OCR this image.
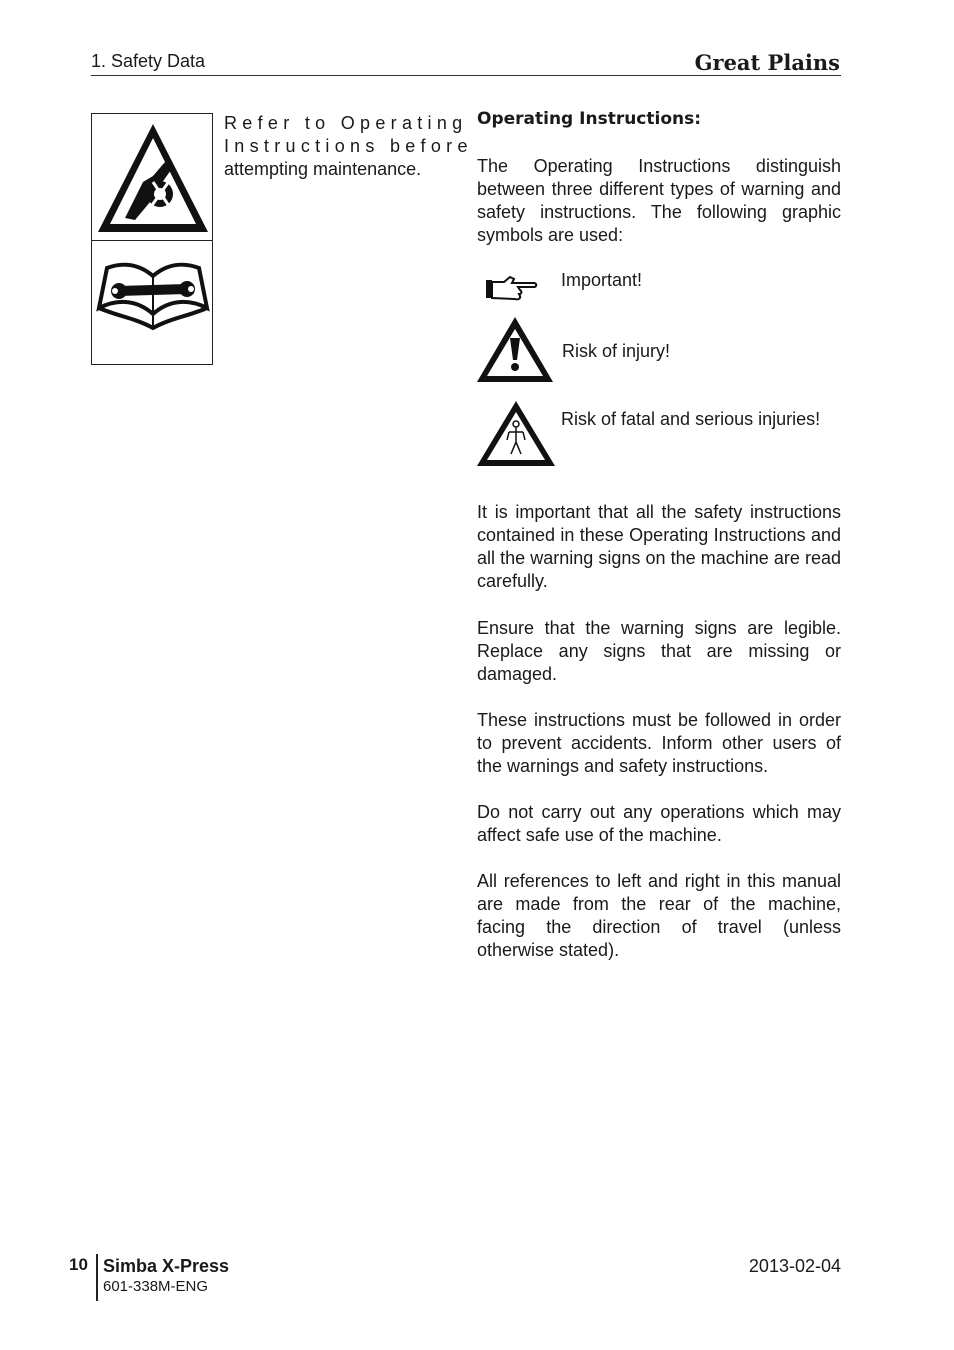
1. Safety Data	Great Plains
Refer to Operating
Instructions before
attempting maintenance.
Operating Instructions:

The Operating Instructions distinguish between three different types of warning and safety instructions. The following graphic symbols are used:

Important!
Risk of injury!
Risk of fatal and serious injuries!

It is important that all the safety instructions contained in these Operating Instructions and all the warning signs on the machine are read carefully.

Ensure that the warning signs are legible. Replace any signs that are missing or damaged.

These instructions must be followed in order to prevent accidents. Inform other users of the warnings and safety instructions.

Do not carry out any operations which may affect safe use of the machine.

All references to left and right in this manual are made from the rear of the machine, facing the direction of travel (unless otherwise stated).

10 Simba X-Press
601-338M-ENG
2013-02-04
